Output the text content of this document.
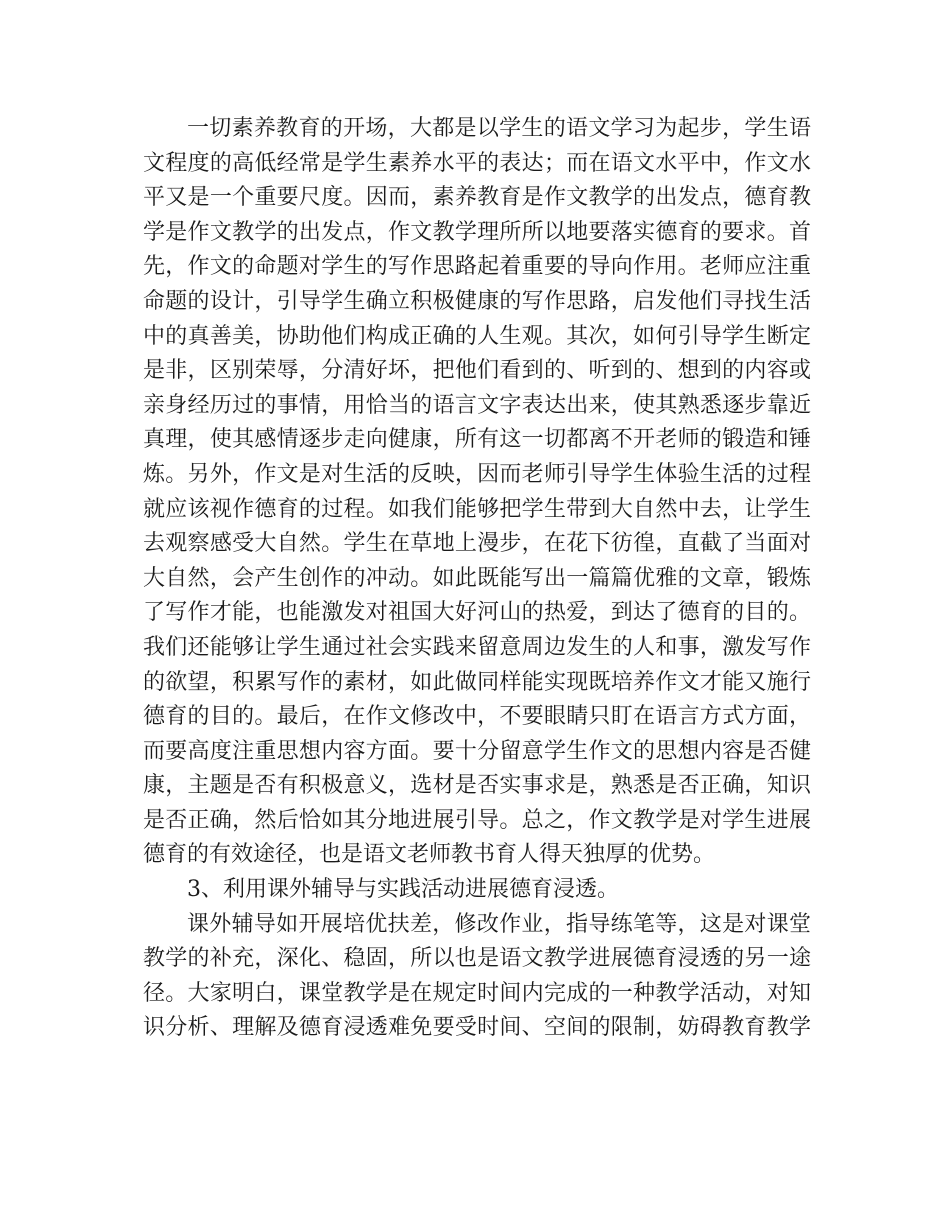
一切素养教育的开场，大都是以学生的语文学习为起步，学生语
文程度的高低经常是学生素养水平的表达；而在语文水平中，作文水
平又是一个重要尺度。因而，素养教育是作文教学的出发点，德育教
学是作文教学的出发点，作文教学理所所以地要落实德育的要求。首
先，作文的命题对学生的写作思路起着重要的导向作用。老师应注重
命题的设计，引导学生确立积极健康的写作思路，启发他们寻找生活
中的真善美，协助他们构成正确的人生观。其次，如何引导学生断定
是非，区别荣辱，分清好坏，把他们看到的、听到的、想到的内容或
亲身经历过的事情，用恰当的语言文字表达出来，使其熟悉逐步靠近
真理，使其感情逐步走向健康，所有这一切都离不开老师的锻造和锤
炼。另外，作文是对生活的反映，因而老师引导学生体验生活的过程
就应该视作德育的过程。如我们能够把学生带到大自然中去，让学生
去观察感受大自然。学生在草地上漫步，在花下彷徨，直截了当面对
大自然，会产生创作的冲动。如此既能写出一篇篇优雅的文章，锻炼
了写作才能，也能激发对祖国大好河山的热爱，到达了德育的目的。
我们还能够让学生通过社会实践来留意周边发生的人和事，激发写作
的欲望，积累写作的素材，如此做同样能实现既培养作文才能又施行
德育的目的。最后，在作文修改中，不要眼睛只盯在语言方式方面，
而要高度注重思想内容方面。要十分留意学生作文的思想内容是否健
康，主题是否有积极意义，选材是否实事求是，熟悉是否正确，知识
是否正确，然后恰如其分地进展引导。总之，作文教学是对学生进展
德育的有效途径，也是语文老师教书育人得天独厚的优势。
3、利用课外辅导与实践活动进展德育浸透。
课外辅导如开展培优扶差，修改作业，指导练笔等，这是对课堂
教学的补充，深化、稳固，所以也是语文教学进展德育浸透的另一途
径。大家明白，课堂教学是在规定时间内完成的一种教学活动，对知
识分析、理解及德育浸透难免要受时间、空间的限制，妨碍教育教学
